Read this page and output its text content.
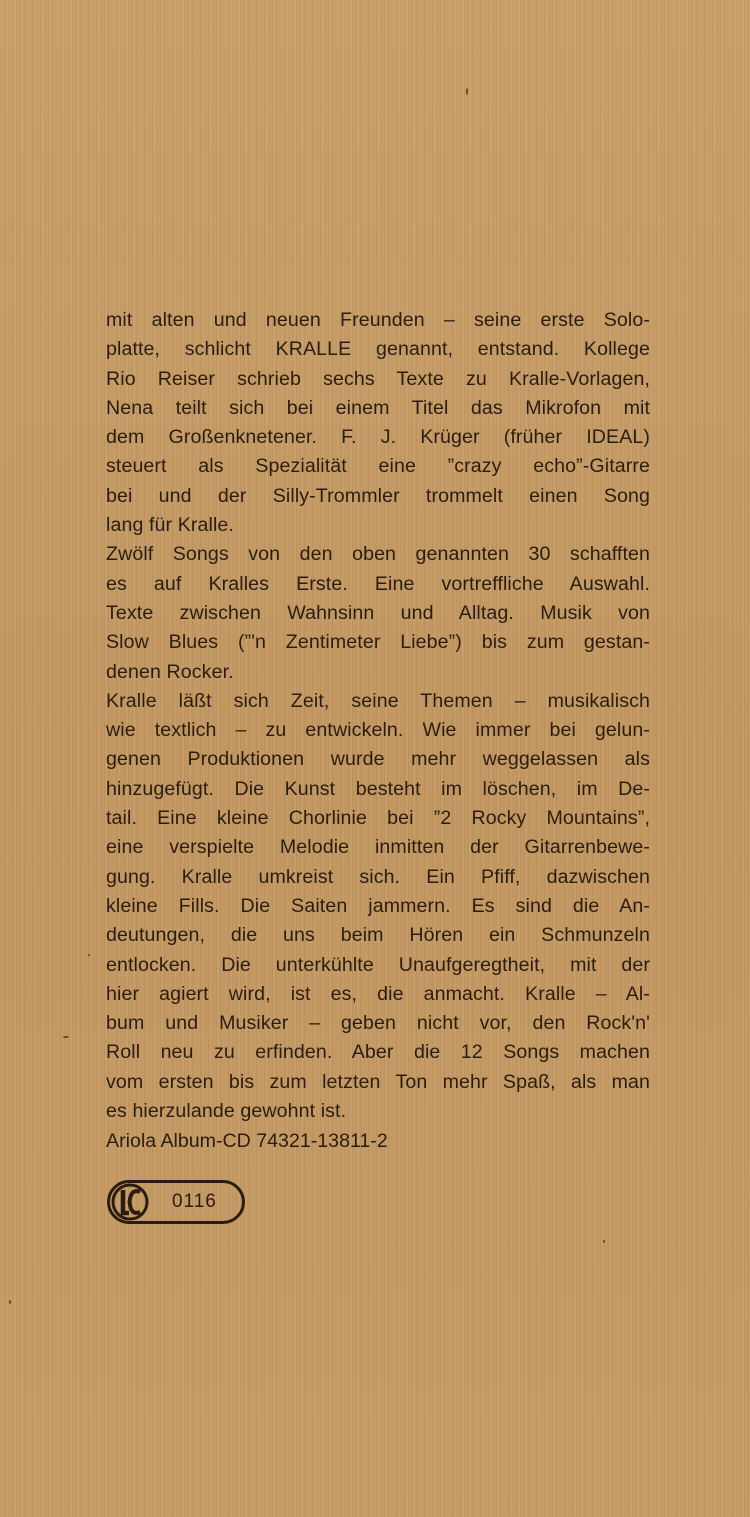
mit alten und neuen Freunden – seine erste Solo-
platte, schlicht KRALLE genannt, entstand. Kollege
Rio Reiser schrieb sechs Texte zu Kralle-Vorlagen,
Nena teilt sich bei einem Titel das Mikrofon mit
dem Großenknetener. F. J. Krüger (früher IDEAL)
steuert als Spezialität eine ”crazy echo”-Gitarre
bei und der Silly-Trommler trommelt einen Song
lang für Kralle.
Zwölf Songs von den oben genannten 30 schafften
es auf Kralles Erste. Eine vortreffliche Auswahl.
Texte zwischen Wahnsinn und Alltag. Musik von
Slow Blues (”'n Zentimeter Liebe”) bis zum gestan-
denen Rocker.
Kralle läßt sich Zeit, seine Themen – musikalisch
wie textlich – zu entwickeln. Wie immer bei gelun-
genen Produktionen wurde mehr weggelassen als
hinzugefügt. Die Kunst besteht im löschen, im De-
tail. Eine kleine Chorlinie bei ”2 Rocky Mountains”,
eine verspielte Melodie inmitten der Gitarrenbewe-
gung. Kralle umkreist sich. Ein Pfiff, dazwischen
kleine Fills. Die Saiten jammern. Es sind die An-
deutungen, die uns beim Hören ein Schmunzeln
entlocken. Die unterkühlte Unaufgeregtheit, mit der
hier agiert wird, ist es, die anmacht. Kralle – Al-
bum und Musiker – geben nicht vor, den Rock'n'
Roll neu zu erfinden. Aber die 12 Songs machen
vom ersten bis zum letzten Ton mehr Spaß, als man
es hierzulande gewohnt ist.
Ariola Album-CD 74321-13811-2
LC
0116
